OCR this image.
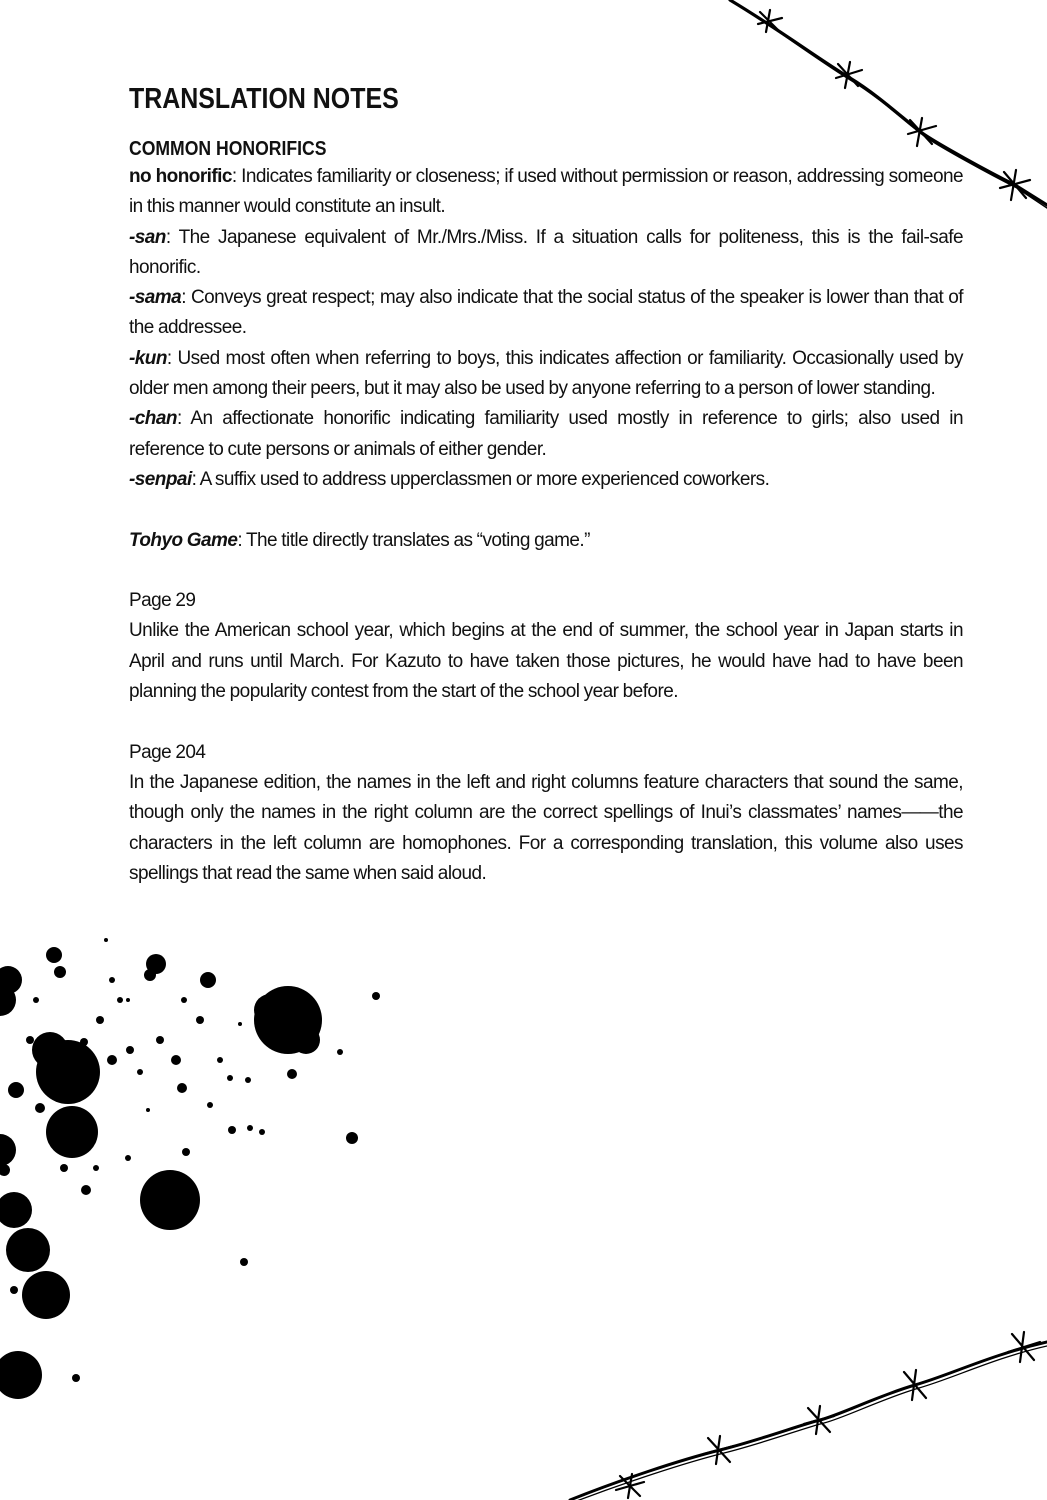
TRANSLATION NOTES
COMMON HONORIFICS

no honorific: Indicates familiarity or closeness; if used without permission or reason, addressing someone in this manner would constitute an insult.

-san: The Japanese equivalent of Mr./Mrs./Miss. If a situation calls for politeness, this is the fail-safe honorific.

-sama: Conveys great respect; may also indicate that the social status of the speaker is lower than that of the addressee.

-kun: Used most often when referring to boys, this indicates affection or familiarity. Occasionally used by older men among their peers, but it may also be used by anyone referring to a person of lower standing.

-chan: An affectionate honorific indicating familiarity used mostly in reference to girls; also used in reference to cute persons or animals of either gender.

-senpai: A suffix used to address upperclassmen or more experienced coworkers.

Tohyo Game: The title directly translates as “voting game.”

Page 29

Unlike the American school year, which begins at the end of summer, the school year in Japan starts in April and runs until March. For Kazuto to have taken those pictures, he would have had to have been planning the popularity contest from the start of the school year before.

Page 204

In the Japanese edition, the names in the left and right columns feature characters that sound the same, though only the names in the right column are the correct spellings of Inui’s classmates’ names——the characters in the left column are homophones. For a corresponding translation, this volume also uses spellings that read the same when said aloud.
